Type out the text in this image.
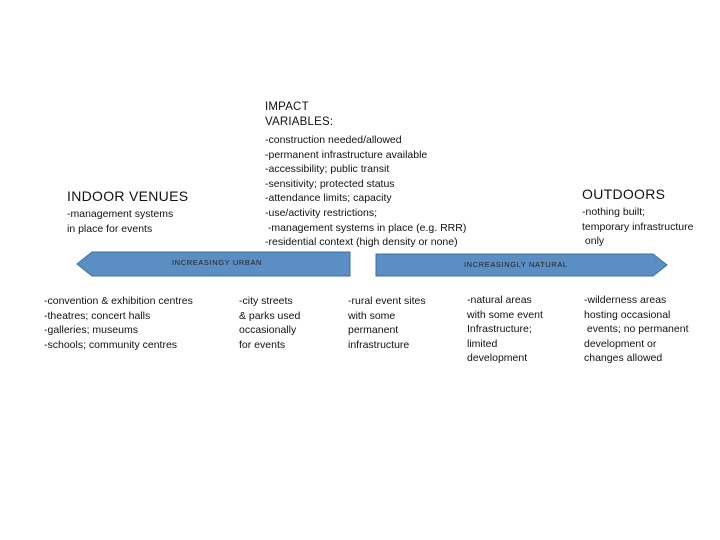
IMPACT
VARIABLES:
-construction needed/allowed
-permanent infrastructure available
-accessibility; public transit
-sensitivity; protected status
-attendance limits; capacity
-use/activity restrictions;
-management systems in place (e.g. RRR)
-residential context (high density or none)
INDOOR VENUES
-management systems
in place for events
OUTDOORS
-nothing built;
temporary infrastructure
only
INCREASINGY URBAN	INCREASINGLY NATURAL
-convention & exhibition centres
-theatres; concert halls
-galleries; museums
-schools; community centres
-city streets
& parks used
occasionally
for events
-rural event sites
with some
permanent
infrastructure
-natural areas
with some event
Infrastructure;
limited
development
-wilderness areas
hosting occasional
events; no permanent
development or
changes allowed
